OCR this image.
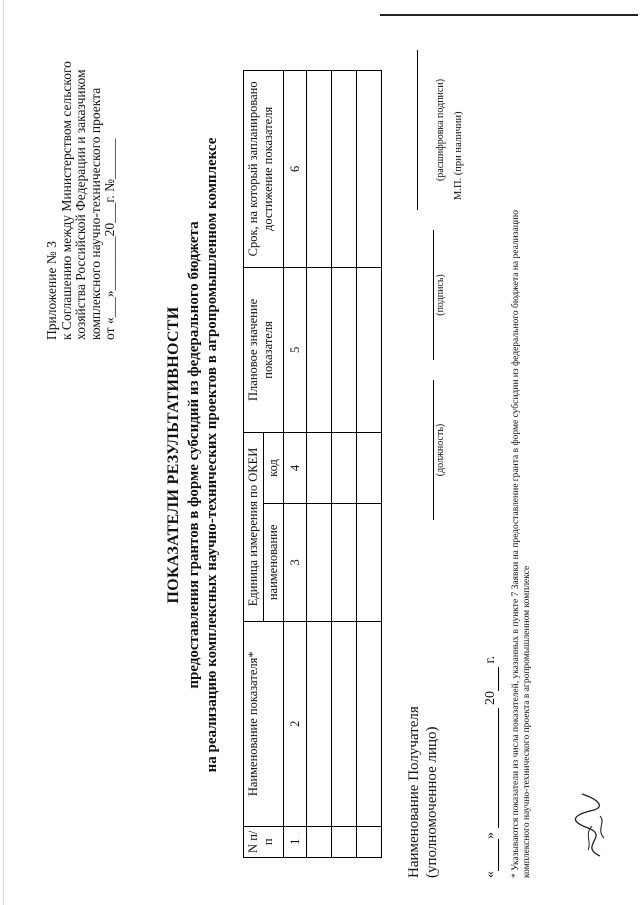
Приложение № 3 к Соглашению между Министерством сельского хозяйства Российской Федерации и заказчиком комплексного научно-технического проекта от «___»________20___г. №______
ПОКАЗАТЕЛИ РЕЗУЛЬТАТИВНОСТИ предоставления грантов в форме субсидий из федерального бюджета на реализацию комплексных научно-технических проектов в агропромышленном комплексе
N п/п	Наименование показателя*	Единица измерения по ОКЕИ		Плановое значение показателя	Срок, на который запланировано достижение показателя
		наименование	код		
1	2	3	4	5	6

Наименование Получателя (уполномоченное лицо)
(должность)
(подпись)
(расшифровка подписи) М.П. (при наличии)
«»  20 г. * Указываются показатели из числа показателей, указанных в пункте 7 Заявки на предоставление гранта в форме субсидии из федерального бюджета на реализацию комплексного научно-технического проекта в агропромышленном комплексе
